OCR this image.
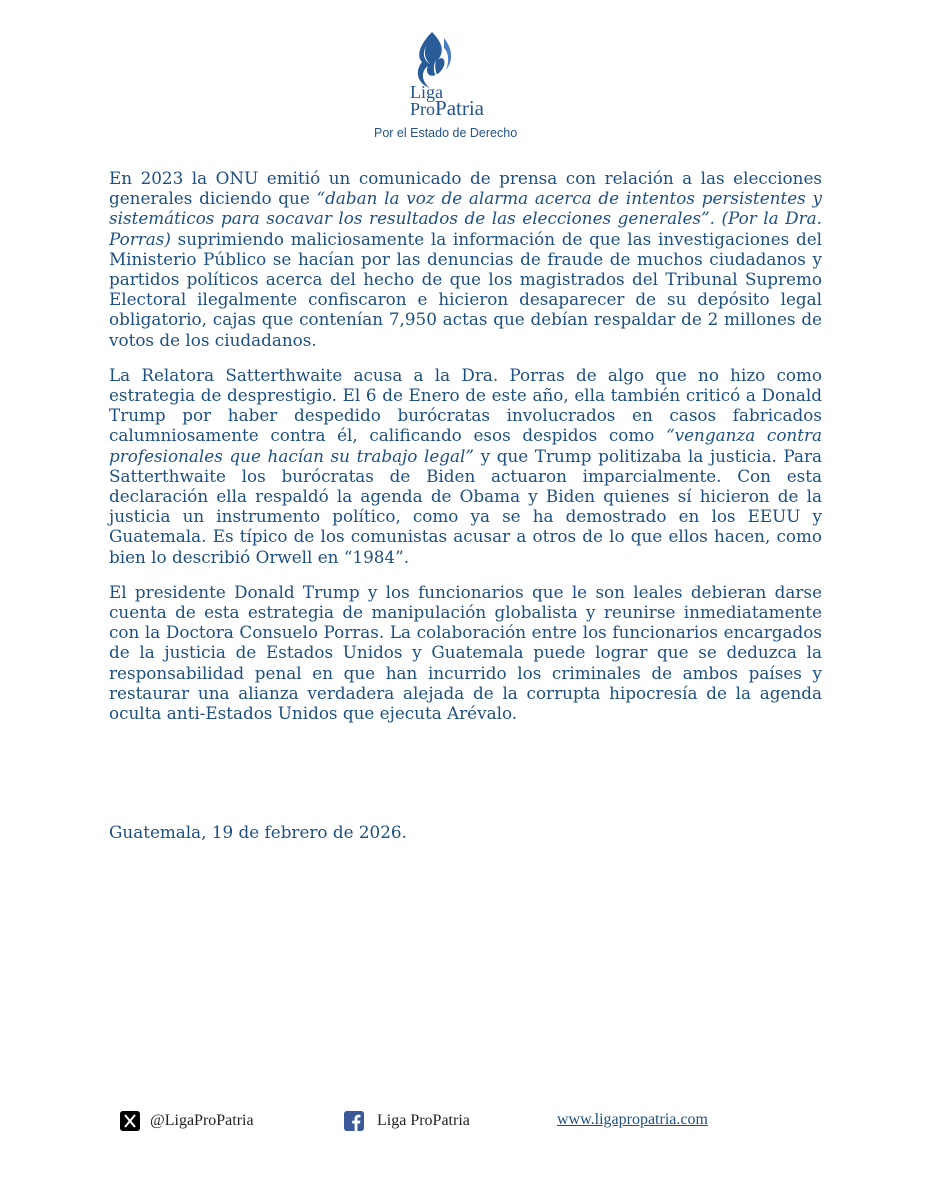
Liga
ProPatria
Por el Estado de Derecho

En 2023 la ONU emitió un comunicado de prensa con relación a las elecciones generales diciendo que “daban la voz de alarma acerca de intentos persistentes y sistemáticos para socavar los resultados de las elecciones generales”. (Por la Dra. Porras) suprimiendo maliciosamente la información de que las investigaciones del Ministerio Público se hacían por las denuncias de fraude de muchos ciudadanos y partidos políticos acerca del hecho de que los magistrados del Tribunal Supremo Electoral ilegalmente confiscaron e hicieron desaparecer de su depósito legal obligatorio, cajas que contenían 7,950 actas que debían respaldar de 2 millones de votos de los ciudadanos.

La Relatora Satterthwaite acusa a la Dra. Porras de algo que no hizo como estrategia de desprestigio. El 6 de Enero de este año, ella también criticó a Donald Trump por haber despedido burócratas involucrados en casos fabricados calumniosamente contra él, calificando esos despidos como “venganza contra profesionales que hacían su trabajo legal” y que Trump politizaba la justicia. Para Satterthwaite los burócratas de Biden actuaron imparcialmente. Con esta declaración ella respaldó la agenda de Obama y Biden quienes sí hicieron de la justicia un instrumento político, como ya se ha demostrado en los EEUU y Guatemala. Es típico de los comunistas acusar a otros de lo que ellos hacen, como bien lo describió Orwell en “1984”.

El presidente Donald Trump y los funcionarios que le son leales debieran darse cuenta de esta estrategia de manipulación globalista y reunirse inmediatamente con la Doctora Consuelo Porras. La colaboración entre los funcionarios encargados de la justicia de Estados Unidos y Guatemala puede lograr que se deduzca la responsabilidad penal en que han incurrido los criminales de ambos países y restaurar una alianza verdadera alejada de la corrupta hipocresía de la agenda oculta anti-Estados Unidos que ejecuta Arévalo.

Guatemala, 19 de febrero de 2026.
@LigaProPatria	Liga ProPatria	www.ligapropatria.com
